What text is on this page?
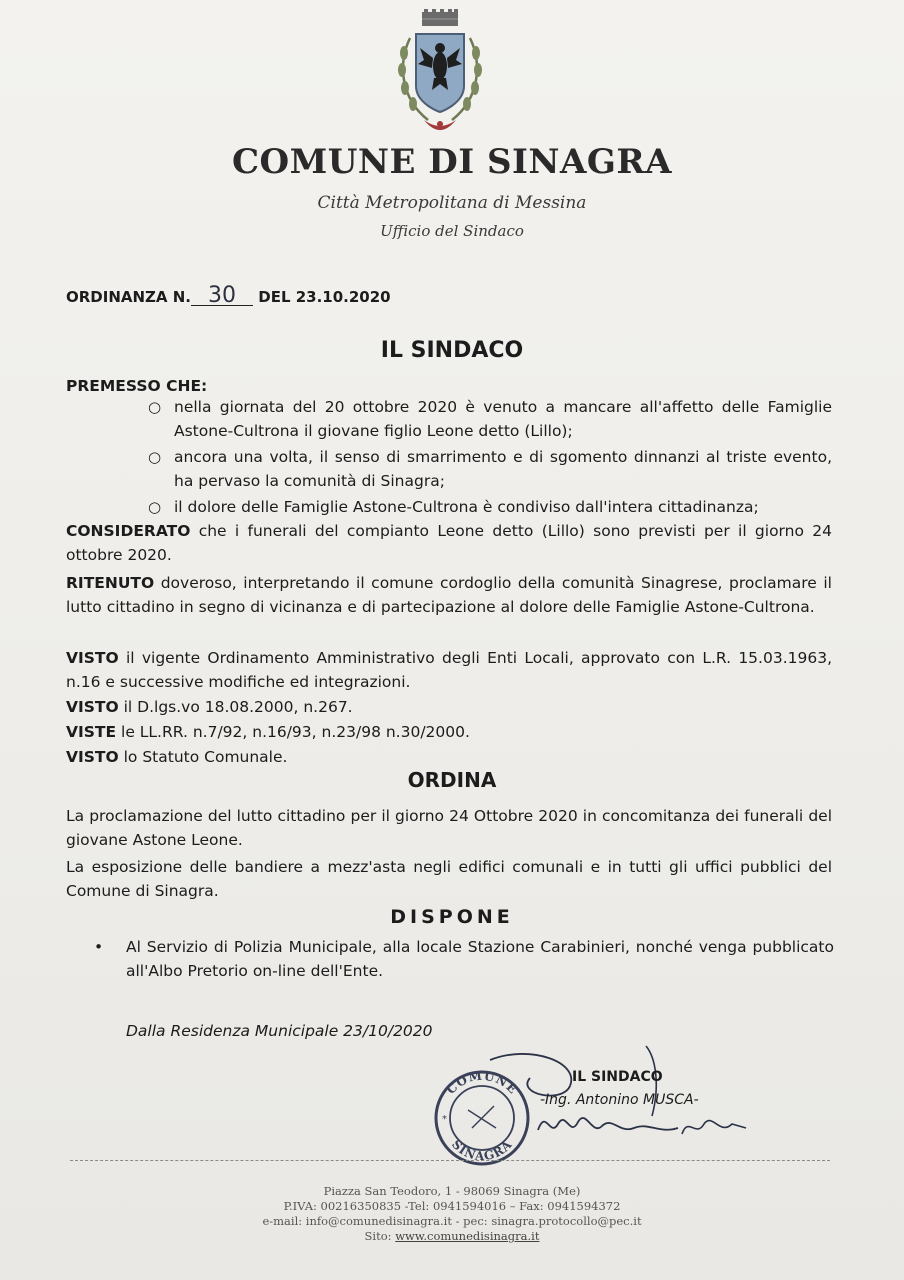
COMUNE DI SINAGRA
Città Metropolitana di Messina
Ufficio del Sindaco
ORDINANZA N. 30 DEL 23.10.2020
IL SINDACO
PREMESSO CHE:
○ nella giornata del 20 ottobre 2020 è venuto a mancare all'affetto delle Famiglie Astone-Cultrona il giovane figlio Leone detto (Lillo);
○ ancora una volta, il senso di smarrimento e di sgomento dinnanzi al triste evento, ha pervaso la comunità di Sinagra;
○ il dolore delle Famiglie Astone-Cultrona è condiviso dall'intera cittadinanza;
CONSIDERATO che i funerali del compianto Leone detto (Lillo) sono previsti per il giorno 24 ottobre 2020.
RITENUTO doveroso, interpretando il comune cordoglio della comunità Sinagrese, proclamare il lutto cittadino in segno di vicinanza e di partecipazione al dolore delle Famiglie Astone-Cultrona.
VISTO il vigente Ordinamento Amministrativo degli Enti Locali, approvato con L.R. 15.03.1963, n.16 e successive modifiche ed integrazioni.
VISTO il D.lgs.vo 18.08.2000, n.267.
VISTE le LL.RR. n.7/92, n.16/93, n.23/98 n.30/2000.
VISTO lo Statuto Comunale.
ORDINA
La proclamazione del lutto cittadino per il giorno 24 Ottobre 2020 in concomitanza dei funerali del giovane Astone Leone.
La esposizione delle bandiere a mezz'asta negli edifici comunali e in tutti gli uffici pubblici del Comune di Sinagra.
DISPONE
•	Al Servizio di Polizia Municipale, alla locale Stazione Carabinieri, nonché venga pubblicato all'Albo Pretorio on-line dell'Ente.
Dalla Residenza Municipale 23/10/2020
COMUNE
SINAGRA
*
IL SINDACO
-Ing. Antonino MUSCA-
Piazza San Teodoro, 1 - 98069 Sinagra (Me)
P.IVA: 00216350835 -Tel: 0941594016 – Fax: 0941594372
e-mail: info@comunedisinagra.it - pec: sinagra.protocollo@pec.it
Sito: www.comunedisinagra.it
